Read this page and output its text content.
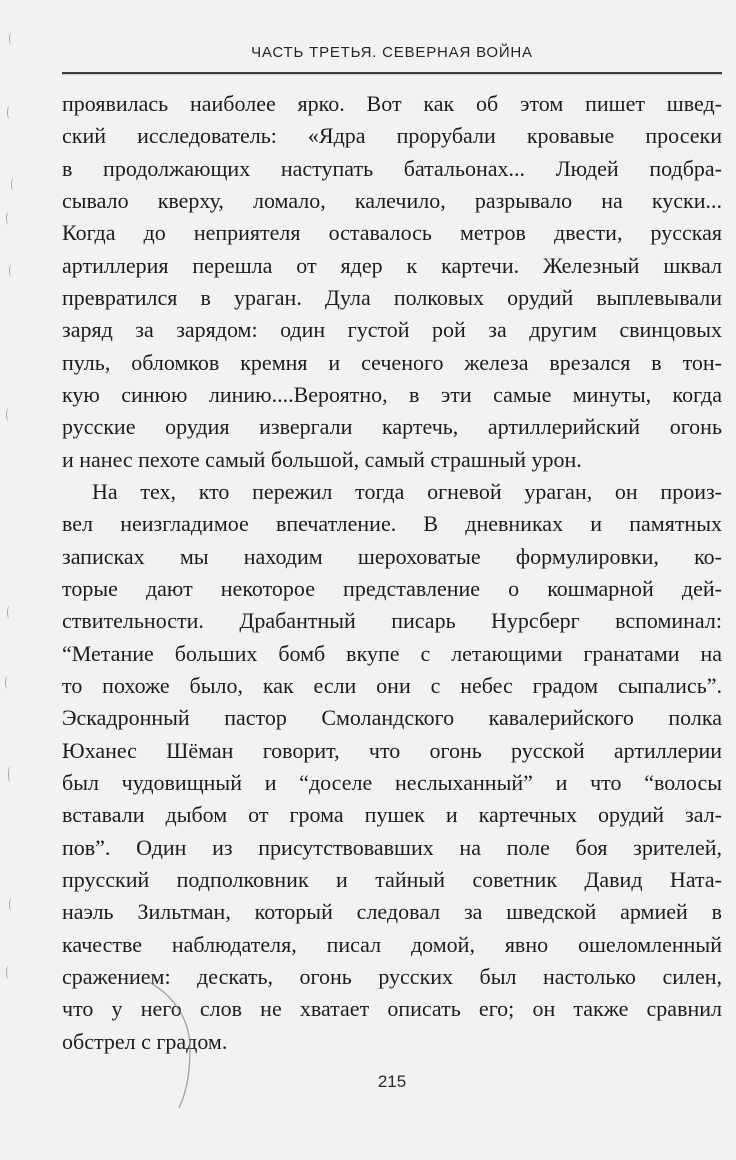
ЧАСТЬ ТРЕТЬЯ. СЕВЕРНАЯ ВОЙНА
проявилась наиболее ярко. Вот как об этом пишет швед-
ский исследователь: «Ядра прорубали кровавые просеки
в продолжающих наступать батальонах... Людей подбра-
сывало кверху, ломало, калечило, разрывало на куски...
Когда до неприятеля оставалось метров двести, русская
артиллерия перешла от ядер к картечи. Железный шквал
превратился в ураган. Дула полковых орудий выплевывали
заряд за зарядом: один густой рой за другим свинцовых
пуль, обломков кремня и сеченого железа врезался в тон-
кую синюю линию....Вероятно, в эти самые минуты, когда
русские орудия извергали картечь, артиллерийский огонь
и нанес пехоте самый большой, самый страшный урон.
На тех, кто пережил тогда огневой ураган, он произ-
вел неизгладимое впечатление. В дневниках и памятных
записках мы находим шероховатые формулировки, ко-
торые дают некоторое представление о кошмарной дей-
ствительности. Драбантный писарь Нурсберг вспоминал:
“Метание больших бомб вкупе с летающими гранатами на
то похоже было, как если они с небес градом сыпались”.
Эскадронный пастор Смоландского кавалерийского полка
Юханес Шёман говорит, что огонь русской артиллерии
был чудовищный и “доселе неслыханный” и что “волосы
вставали дыбом от грома пушек и картечных орудий зал-
пов”. Один из присутствовавших на поле боя зрителей,
прусский подполковник и тайный советник Давид Ната-
наэль Зильтман, который следовал за шведской армией в
качестве наблюдателя, писал домой, явно ошеломленный
сражением: дескать, огонь русских был настолько силен,
что у него слов не хватает описать его; он также сравнил
обстрел с градом.
215
